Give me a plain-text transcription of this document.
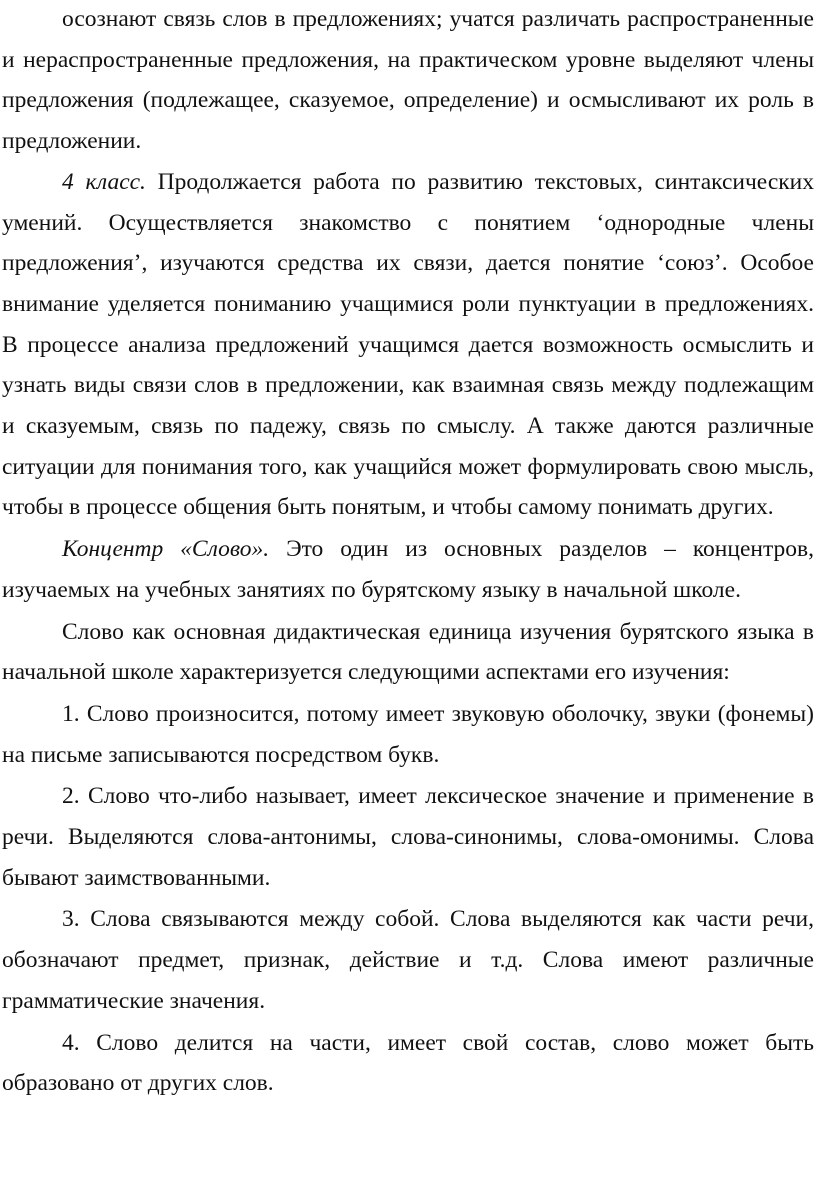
осознают связь слов в предложениях; учатся различать распространенные и нераспространенные предложения, на практическом уровне выделяют члены предложения (подлежащее, сказуемое, определение) и осмысливают их роль в предложении.

4 класс. Продолжается работа по развитию текстовых, синтаксических умений. Осуществляется знакомство с понятием ‘однородные члены предложения’, изучаются средства их связи, дается понятие ‘союз’. Особое внимание уделяется пониманию учащимися роли пунктуации в предложениях. В процессе анализа предложений учащимся дается возможность осмыслить и узнать виды связи слов в предложении, как взаимная связь между подлежащим и сказуемым, связь по падежу, связь по смыслу. А также даются различные ситуации для понимания того, как учащийся может формулировать свою мысль, чтобы в процессе общения быть понятым, и чтобы самому понимать других.

Концентр «Слово». Это один из основных разделов – концентров, изучаемых на учебных занятиях по бурятскому языку в начальной школе.

Слово как основная дидактическая единица изучения бурятского языка в начальной школе характеризуется следующими аспектами его изучения:

1. Слово произносится, потому имеет звуковую оболочку, звуки (фонемы) на письме записываются посредством букв.

2. Слово что-либо называет, имеет лексическое значение и применение в речи. Выделяются слова-антонимы, слова-синонимы, слова-омонимы. Слова бывают заимствованными.

3. Слова связываются между собой. Слова выделяются как части речи, обозначают предмет, признак, действие и т.д. Слова имеют различные грамматические значения.

4. Слово делится на части, имеет свой состав, слово может быть образовано от других слов.
